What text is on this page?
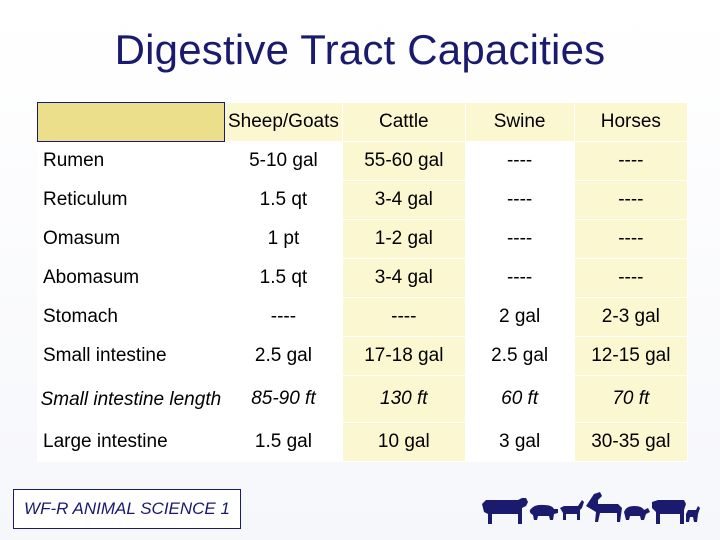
Digestive Tract Capacities
	Sheep/Goats	Cattle	Swine	Horses
Rumen	5-10 gal	55-60 gal	----	----
Reticulum	1.5 qt	3-4 gal	----	----
Omasum	1 pt	1-2 gal	----	----
Abomasum	1.5 qt	3-4 gal	----	----
Stomach	----	----	2 gal	2-3 gal
Small intestine	2.5 gal	17-18 gal	2.5 gal	12-15 gal
Small intestine length	85-90 ft	130 ft	60 ft	70 ft
Large intestine	1.5 gal	10 gal	3 gal	30-35 gal
WF-R ANIMAL SCIENCE 1
